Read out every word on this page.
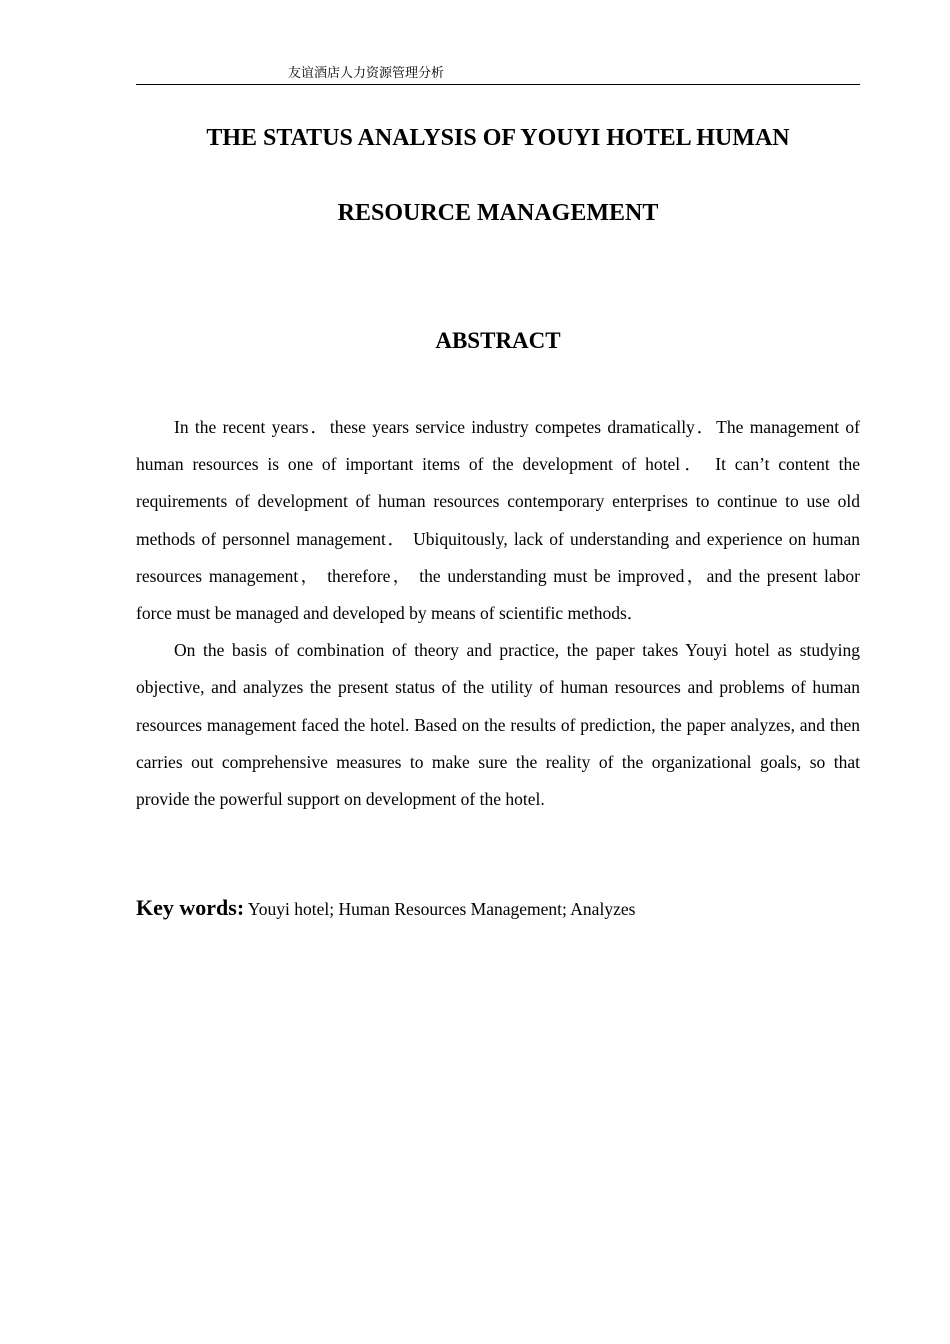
友谊酒店人力资源管理分析
THE STATUS ANALYSIS OF YOUYI HOTEL HUMAN
RESOURCE MANAGEMENT
ABSTRACT

In the recent years．these years service industry competes dramatically．The management of human resources is one of important items of the development of hotel． It can’t content the requirements of development of human resources contemporary enterprises to continue to use old methods of personnel management． Ubiquitously, lack of understanding and experience on human resources management， therefore， the understanding must be improved，and the present labor force must be managed and developed by means of scientific methods．

On the basis of combination of theory and practice, the paper takes Youyi hotel as studying objective, and analyzes the present status of the utility of human resources and problems of human resources management faced the hotel. Based on the results of prediction, the paper analyzes, and then carries out comprehensive measures to make sure the reality of the organizational goals, so that provide the powerful support on development of the hotel.

Key words: Youyi hotel; Human Resources Management; Analyzes
